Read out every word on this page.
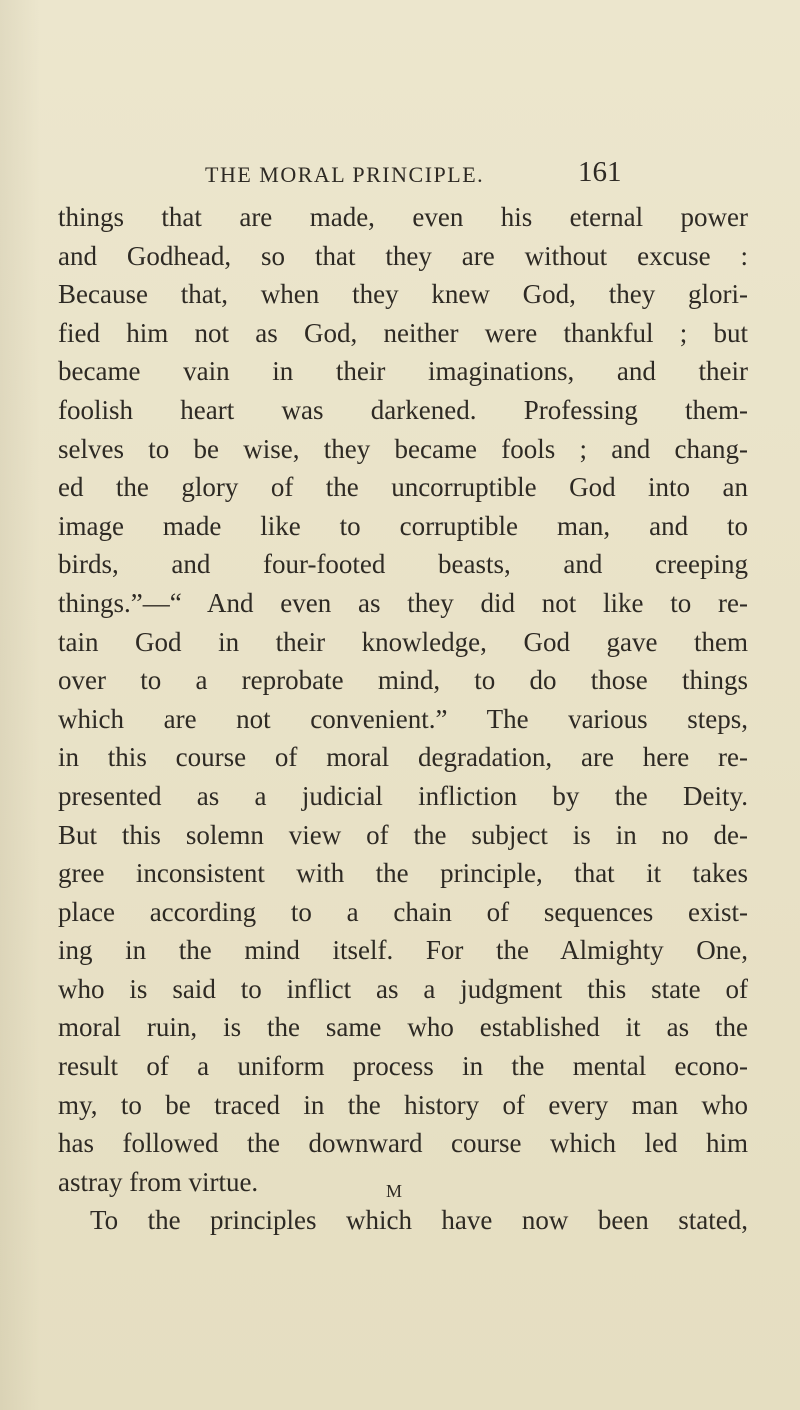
THE MORAL PRINCIPLE.	161
things that are made, even his eternal power
and Godhead, so that they are without excuse :
Because that, when they knew God, they glori-
fied him not as God, neither were thankful ; but
became vain in their imaginations, and their
foolish heart was darkened. Professing them-
selves to be wise, they became fools ; and chang-
ed the glory of the uncorruptible God into an
image made like to corruptible man, and to
birds, and four-footed beasts, and creeping
things.”—“ And even as they did not like to re-
tain God in their knowledge, God gave them
over to a reprobate mind, to do those things
which are not convenient.” The various steps,
in this course of moral degradation, are here re-
presented as a judicial infliction by the Deity.
But this solemn view of the subject is in no de-
gree inconsistent with the principle, that it takes
place according to a chain of sequences exist-
ing in the mind itself. For the Almighty One,
who is said to inflict as a judgment this state of
moral ruin, is the same who established it as the
result of a uniform process in the mental econo-
my, to be traced in the history of every man who
has followed the downward course which led him
astray from virtue.
To the principles which have now been stated,
M
